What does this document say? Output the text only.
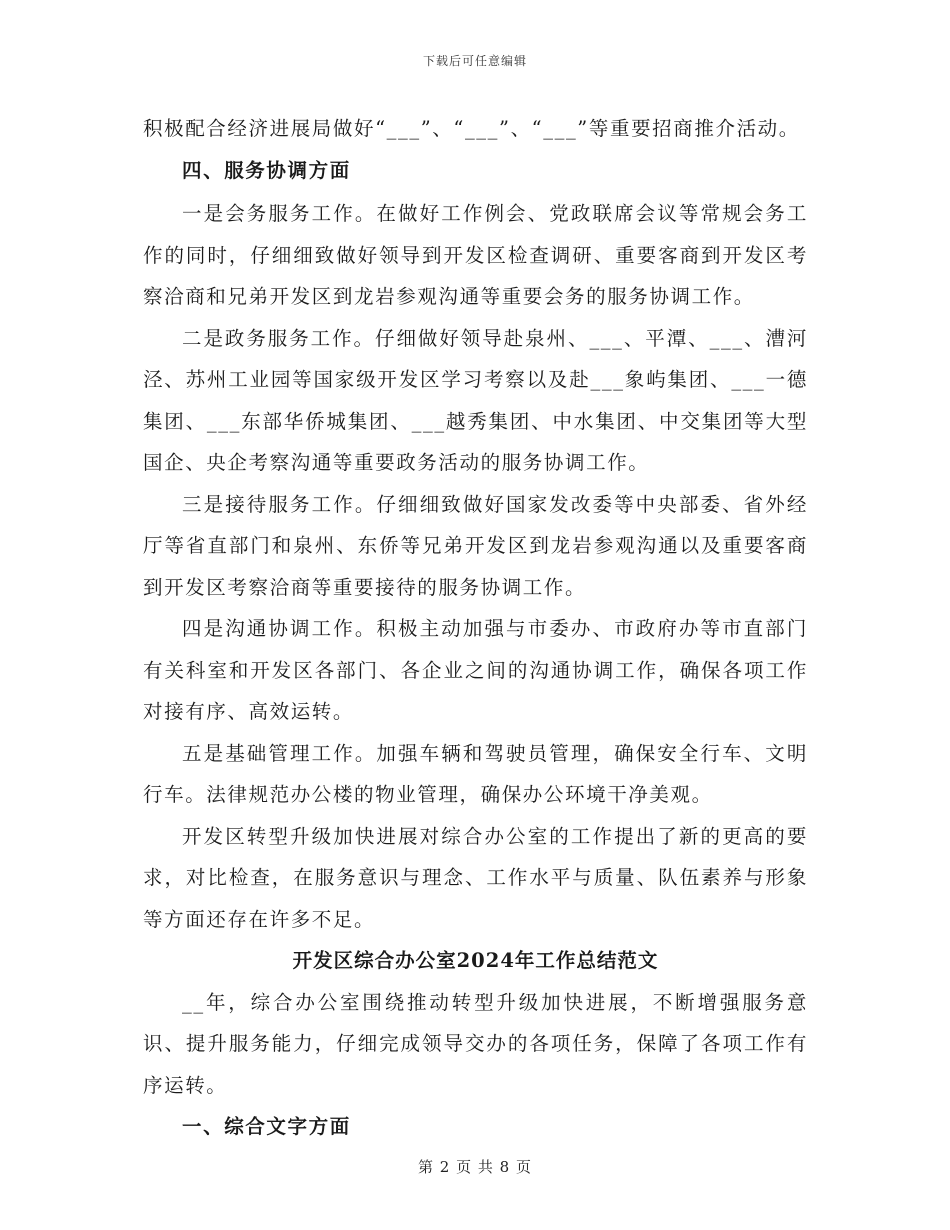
下载后可任意编辑

积极配合经济进展局做好“___”、“___”、“___”等重要招商推介活动。

四、服务协调方面

一是会务服务工作。在做好工作例会、党政联席会议等常规会务工作的同时，仔细细致做好领导到开发区检查调研、重要客商到开发区考察洽商和兄弟开发区到龙岩参观沟通等重要会务的服务协调工作。

二是政务服务工作。仔细做好领导赴泉州、___、平潭、___、漕河泾、苏州工业园等国家级开发区学习考察以及赴___象屿集团、___一德集团、___东部华侨城集团、___越秀集团、中水集团、中交集团等大型国企、央企考察沟通等重要政务活动的服务协调工作。

三是接待服务工作。仔细细致做好国家发改委等中央部委、省外经厅等省直部门和泉州、东侨等兄弟开发区到龙岩参观沟通以及重要客商到开发区考察洽商等重要接待的服务协调工作。

四是沟通协调工作。积极主动加强与市委办、市政府办等市直部门有关科室和开发区各部门、各企业之间的沟通协调工作，确保各项工作对接有序、高效运转。

五是基础管理工作。加强车辆和驾驶员管理，确保安全行车、文明行车。法律规范办公楼的物业管理，确保办公环境干净美观。

开发区转型升级加快进展对综合办公室的工作提出了新的更高的要求，对比检查，在服务意识与理念、工作水平与质量、队伍素养与形象等方面还存在许多不足。

开发区综合办公室2024年工作总结范文

__年，综合办公室围绕推动转型升级加快进展，不断增强服务意识、提升服务能力，仔细完成领导交办的各项任务，保障了各项工作有序运转。

一、综合文字方面

第 2 页 共 8 页
